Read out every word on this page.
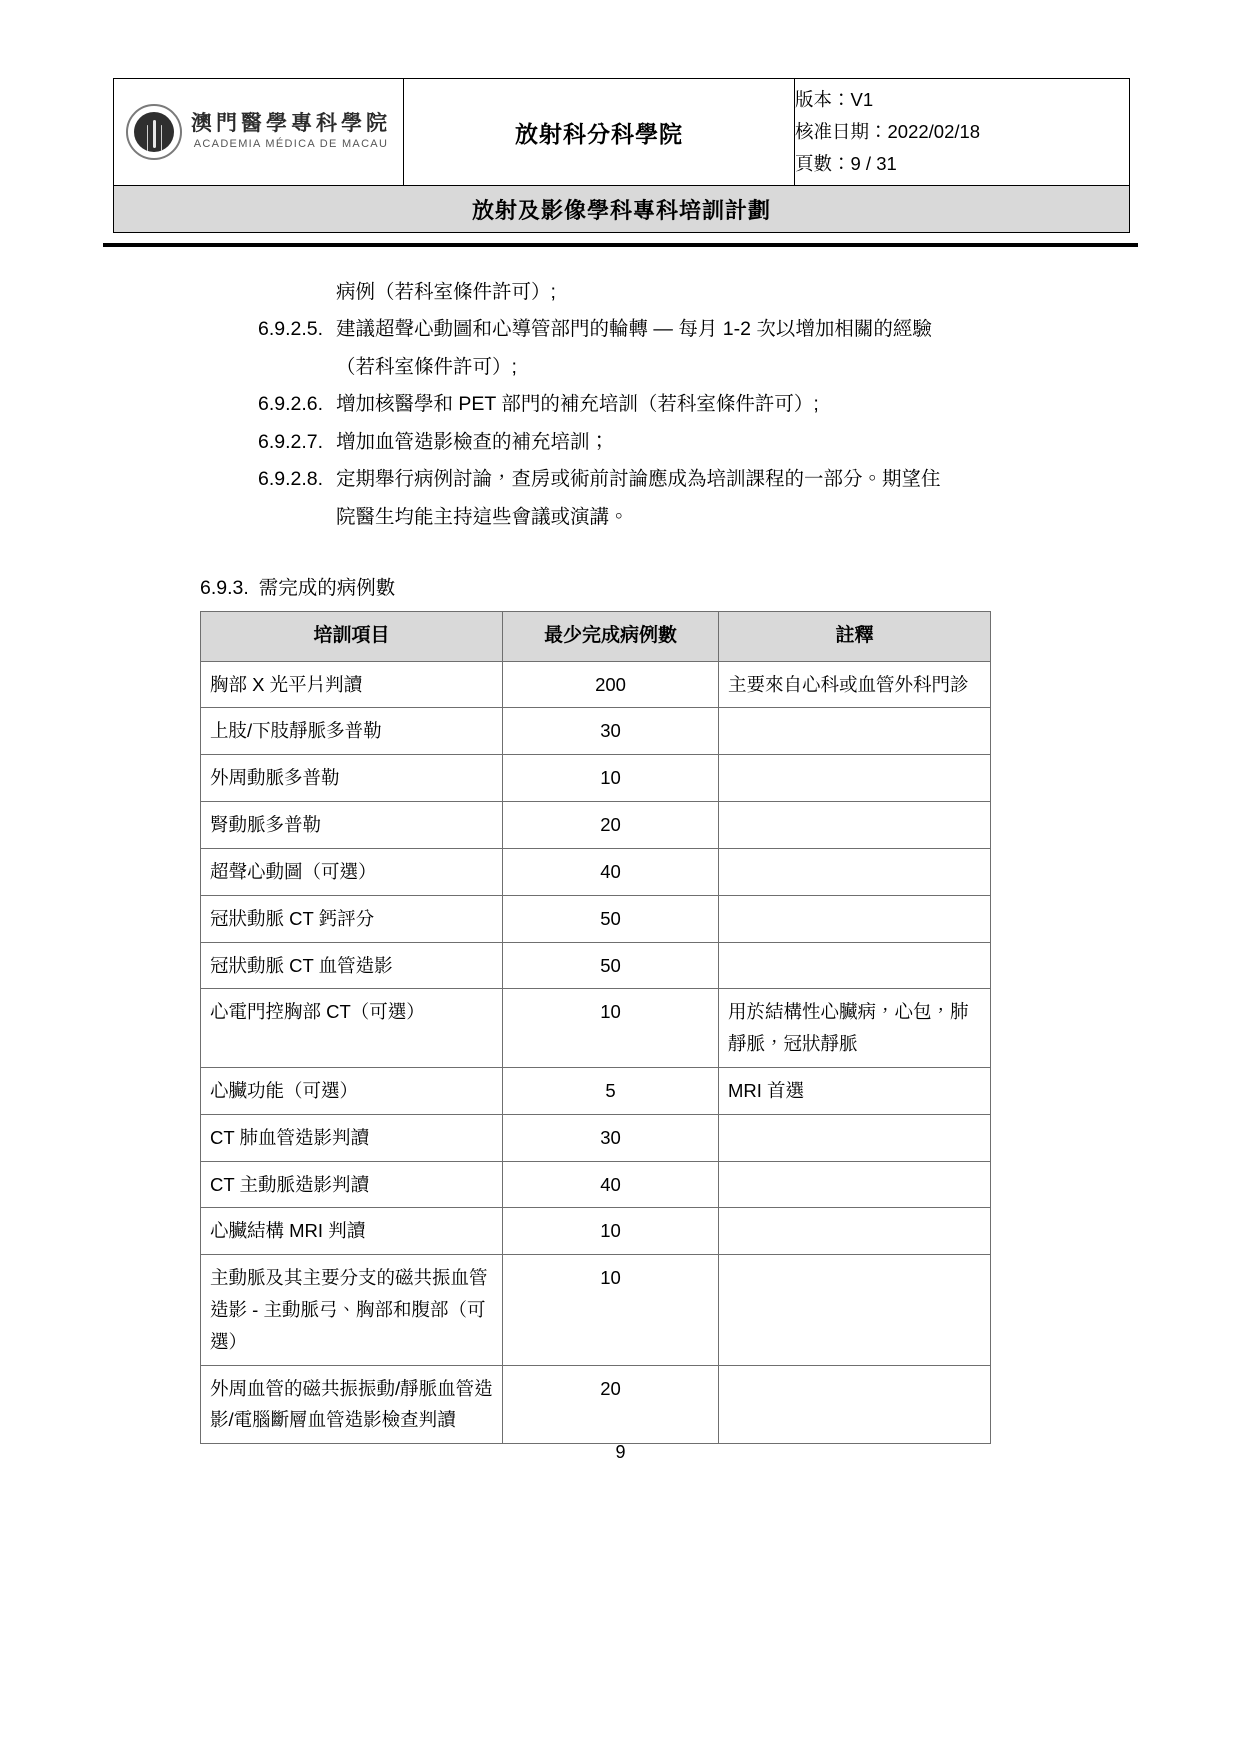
澳門醫學專科學院
ACADEMIA MÉDICA DE MACAU	放射科分科學院	
版本：V1
核准日期：2022/02/18
頁數：9 / 31

放射及影像學科專科培訓計劃
病例（若科室條件許可）;
6.9.2.5. 建議超聲心動圖和心導管部門的輪轉 — 每月 1-2 次以增加相關的經驗
（若科室條件許可）;
6.9.2.6. 增加核醫學和 PET 部門的補充培訓（若科室條件許可）;
6.9.2.7. 增加血管造影檢查的補充培訓；
6.9.2.8. 定期舉行病例討論，查房或術前討論應成為培訓課程的一部分。期望住
院醫生均能主持這些會議或演講。
6.9.3. 需完成的病例數
培訓項目	最少完成病例數	註釋
胸部 X 光平片判讀	200	主要來自心科或血管外科門診
上肢/下肢靜脈多普勒	30	
外周動脈多普勒	10	
腎動脈多普勒	20	
超聲心動圖（可選）	40	
冠狀動脈 CT 鈣評分	50	
冠狀動脈 CT 血管造影	50	
心電門控胸部 CT（可選）	10	用於結構性心臟病，心包，肺靜脈，冠狀靜脈
心臟功能（可選）	5	MRI 首選
CT 肺血管造影判讀	30	
CT 主動脈造影判讀	40	
心臟結構 MRI 判讀	10	
主動脈及其主要分支的磁共振血管造影 - 主動脈弓、胸部和腹部（可選）	10	
外周血管的磁共振振動/靜脈血管造影/電腦斷層血管造影檢查判讀	20	
9
